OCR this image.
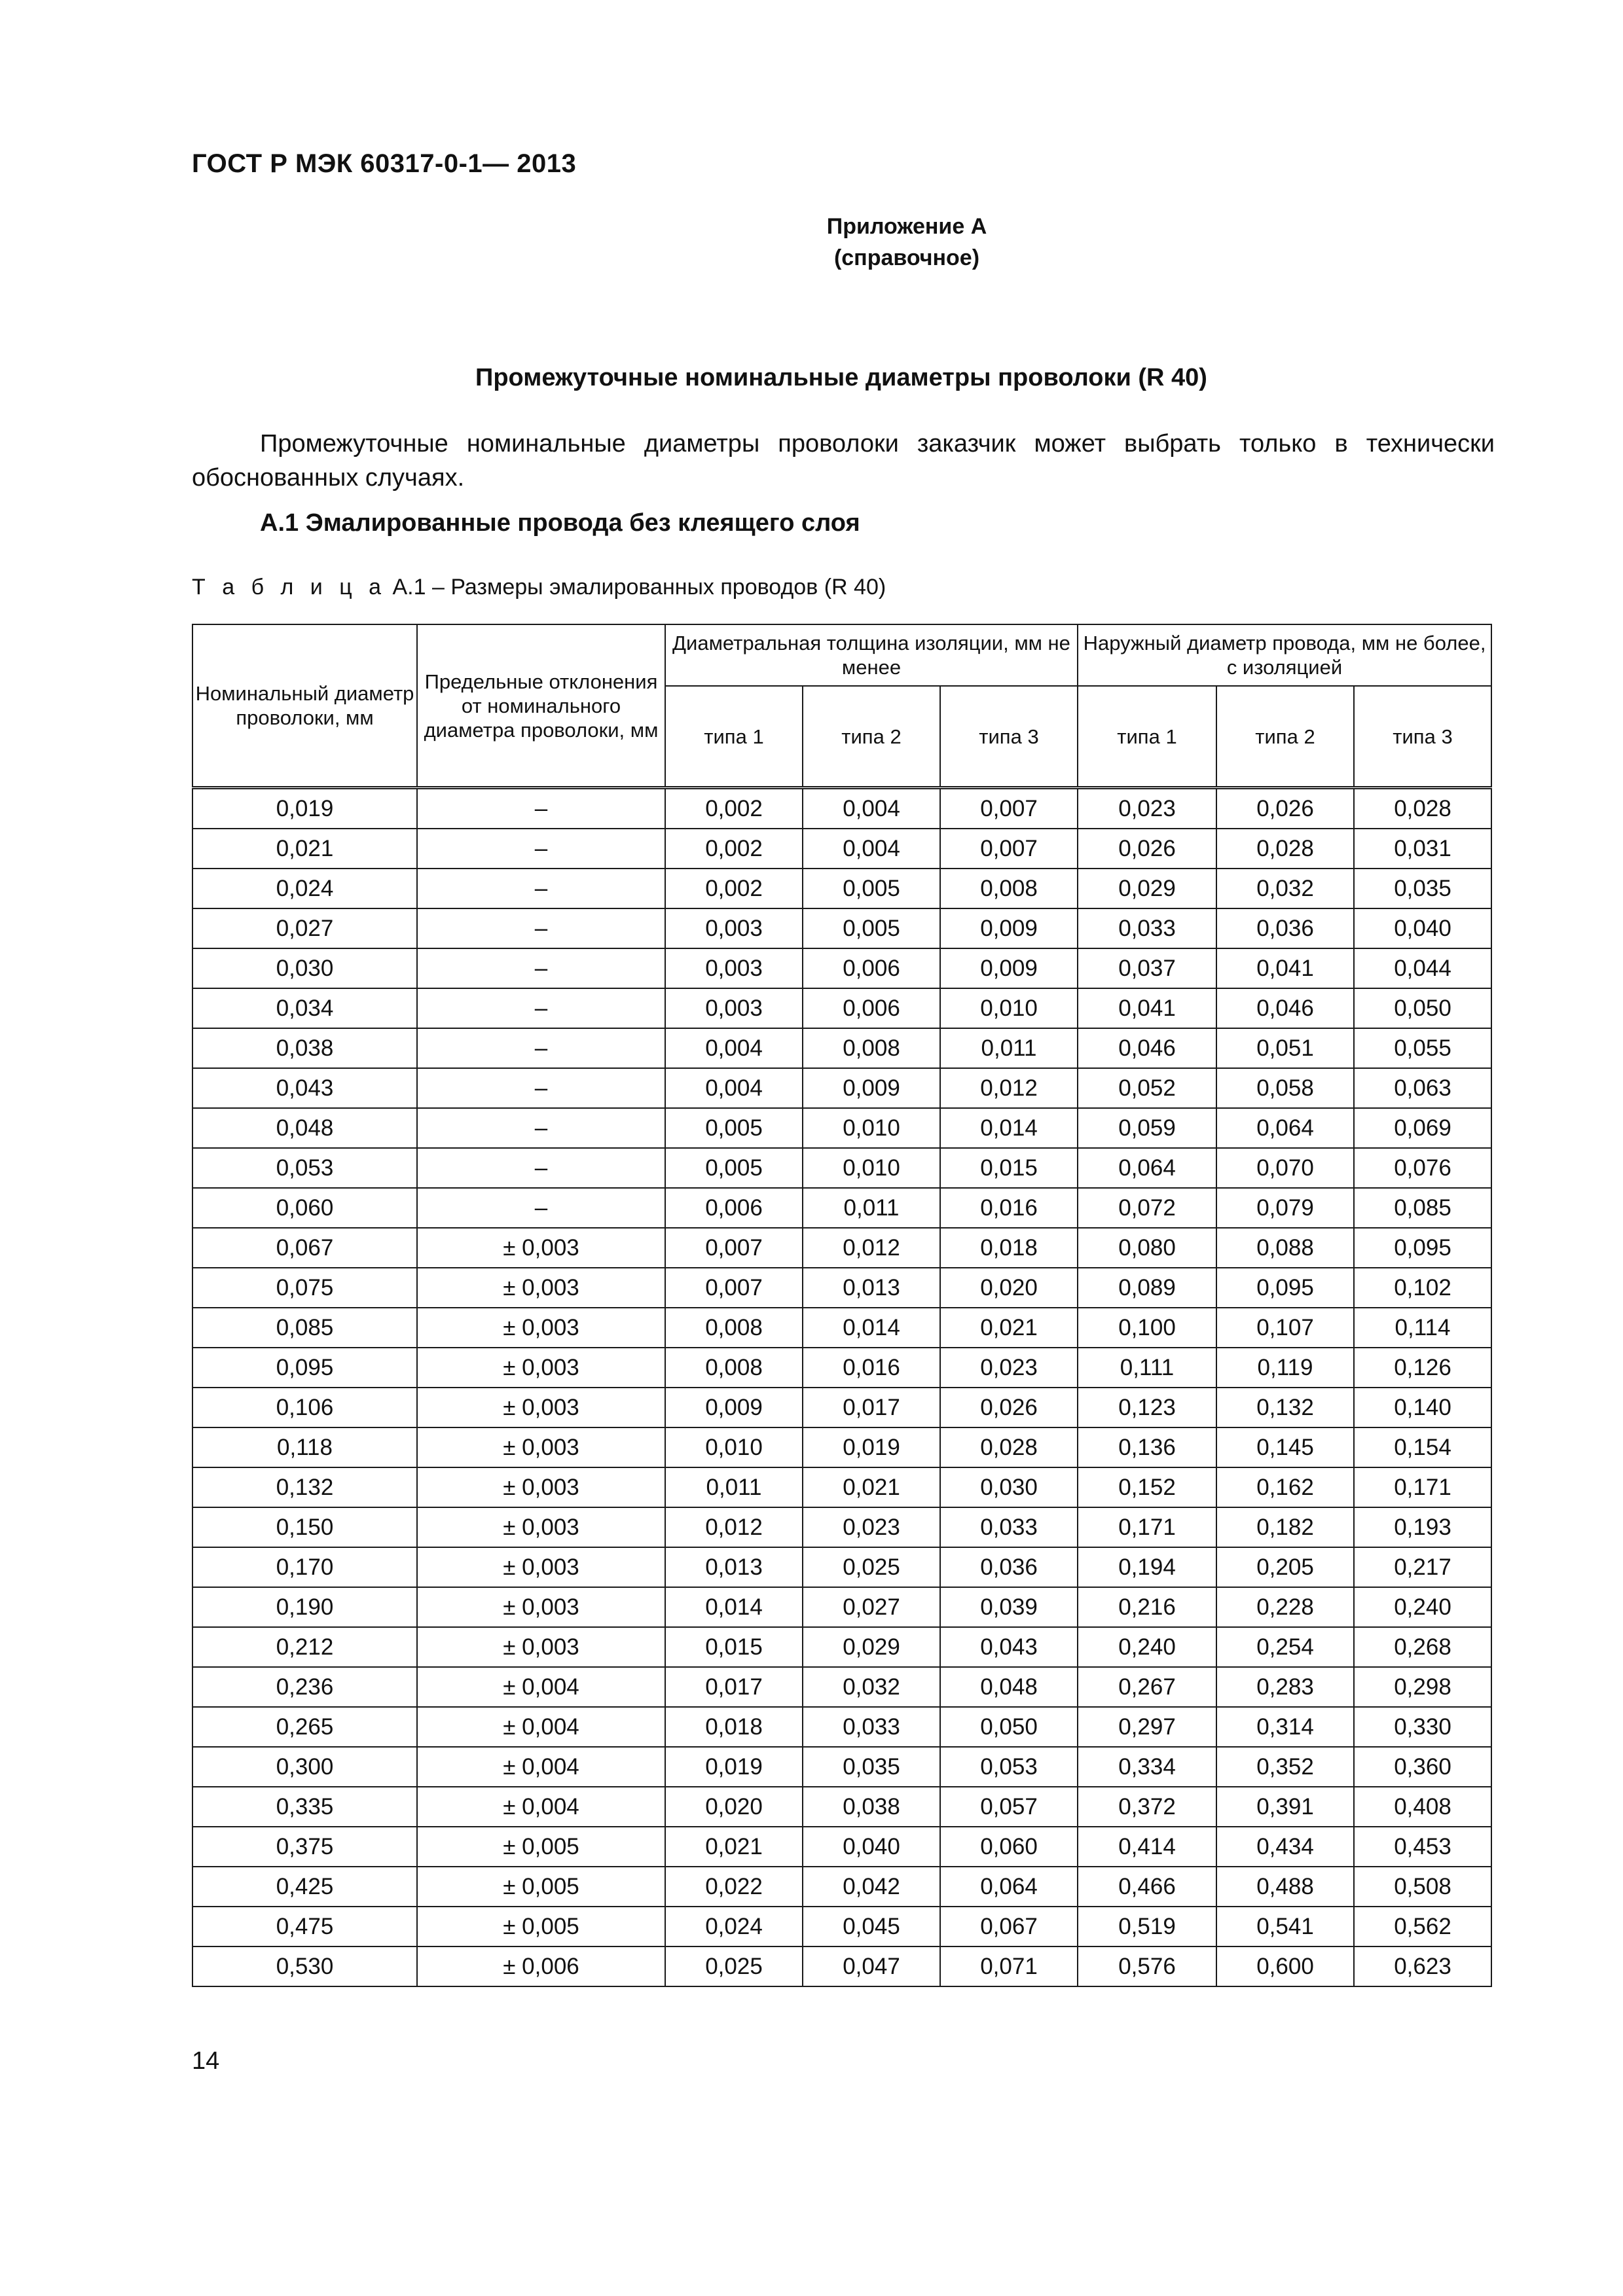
ГОСТ Р МЭК 60317-0-1— 2013
Приложение А
(справочное)
Промежуточные номинальные диаметры проволоки (R 40)
Промежуточные номинальные диаметры проволоки заказчик может выбрать только в технически обоснованных случаях.
А.1 Эмалированные провода без клеящего слоя
Т а б л и ц а А.1 – Размеры эмалированных проводов (R 40)
Номинальный диаметр проволоки, мм	Предельные отклонения от номинального диаметра проволоки, мм	Диаметральная толщина изоляции, мм не менее			Наружный диаметр провода, мм не более, с изоляцией		
		типа 1	типа 2	типа 3	типа 1	типа 2	типа 3
0,019	–	0,002	0,004	0,007	0,023	0,026	0,028
0,021	–	0,002	0,004	0,007	0,026	0,028	0,031
0,024	–	0,002	0,005	0,008	0,029	0,032	0,035
0,027	–	0,003	0,005	0,009	0,033	0,036	0,040
0,030	–	0,003	0,006	0,009	0,037	0,041	0,044
0,034	–	0,003	0,006	0,010	0,041	0,046	0,050
0,038	–	0,004	0,008	0,011	0,046	0,051	0,055
0,043	–	0,004	0,009	0,012	0,052	0,058	0,063
0,048	–	0,005	0,010	0,014	0,059	0,064	0,069
0,053	–	0,005	0,010	0,015	0,064	0,070	0,076
0,060	–	0,006	0,011	0,016	0,072	0,079	0,085
0,067	± 0,003	0,007	0,012	0,018	0,080	0,088	0,095
0,075	± 0,003	0,007	0,013	0,020	0,089	0,095	0,102
0,085	± 0,003	0,008	0,014	0,021	0,100	0,107	0,114
0,095	± 0,003	0,008	0,016	0,023	0,111	0,119	0,126
0,106	± 0,003	0,009	0,017	0,026	0,123	0,132	0,140
0,118	± 0,003	0,010	0,019	0,028	0,136	0,145	0,154
0,132	± 0,003	0,011	0,021	0,030	0,152	0,162	0,171
0,150	± 0,003	0,012	0,023	0,033	0,171	0,182	0,193
0,170	± 0,003	0,013	0,025	0,036	0,194	0,205	0,217
0,190	± 0,003	0,014	0,027	0,039	0,216	0,228	0,240
0,212	± 0,003	0,015	0,029	0,043	0,240	0,254	0,268
0,236	± 0,004	0,017	0,032	0,048	0,267	0,283	0,298
0,265	± 0,004	0,018	0,033	0,050	0,297	0,314	0,330
0,300	± 0,004	0,019	0,035	0,053	0,334	0,352	0,360
0,335	± 0,004	0,020	0,038	0,057	0,372	0,391	0,408
0,375	± 0,005	0,021	0,040	0,060	0,414	0,434	0,453
0,425	± 0,005	0,022	0,042	0,064	0,466	0,488	0,508
0,475	± 0,005	0,024	0,045	0,067	0,519	0,541	0,562
0,530	± 0,006	0,025	0,047	0,071	0,576	0,600	0,623
14
